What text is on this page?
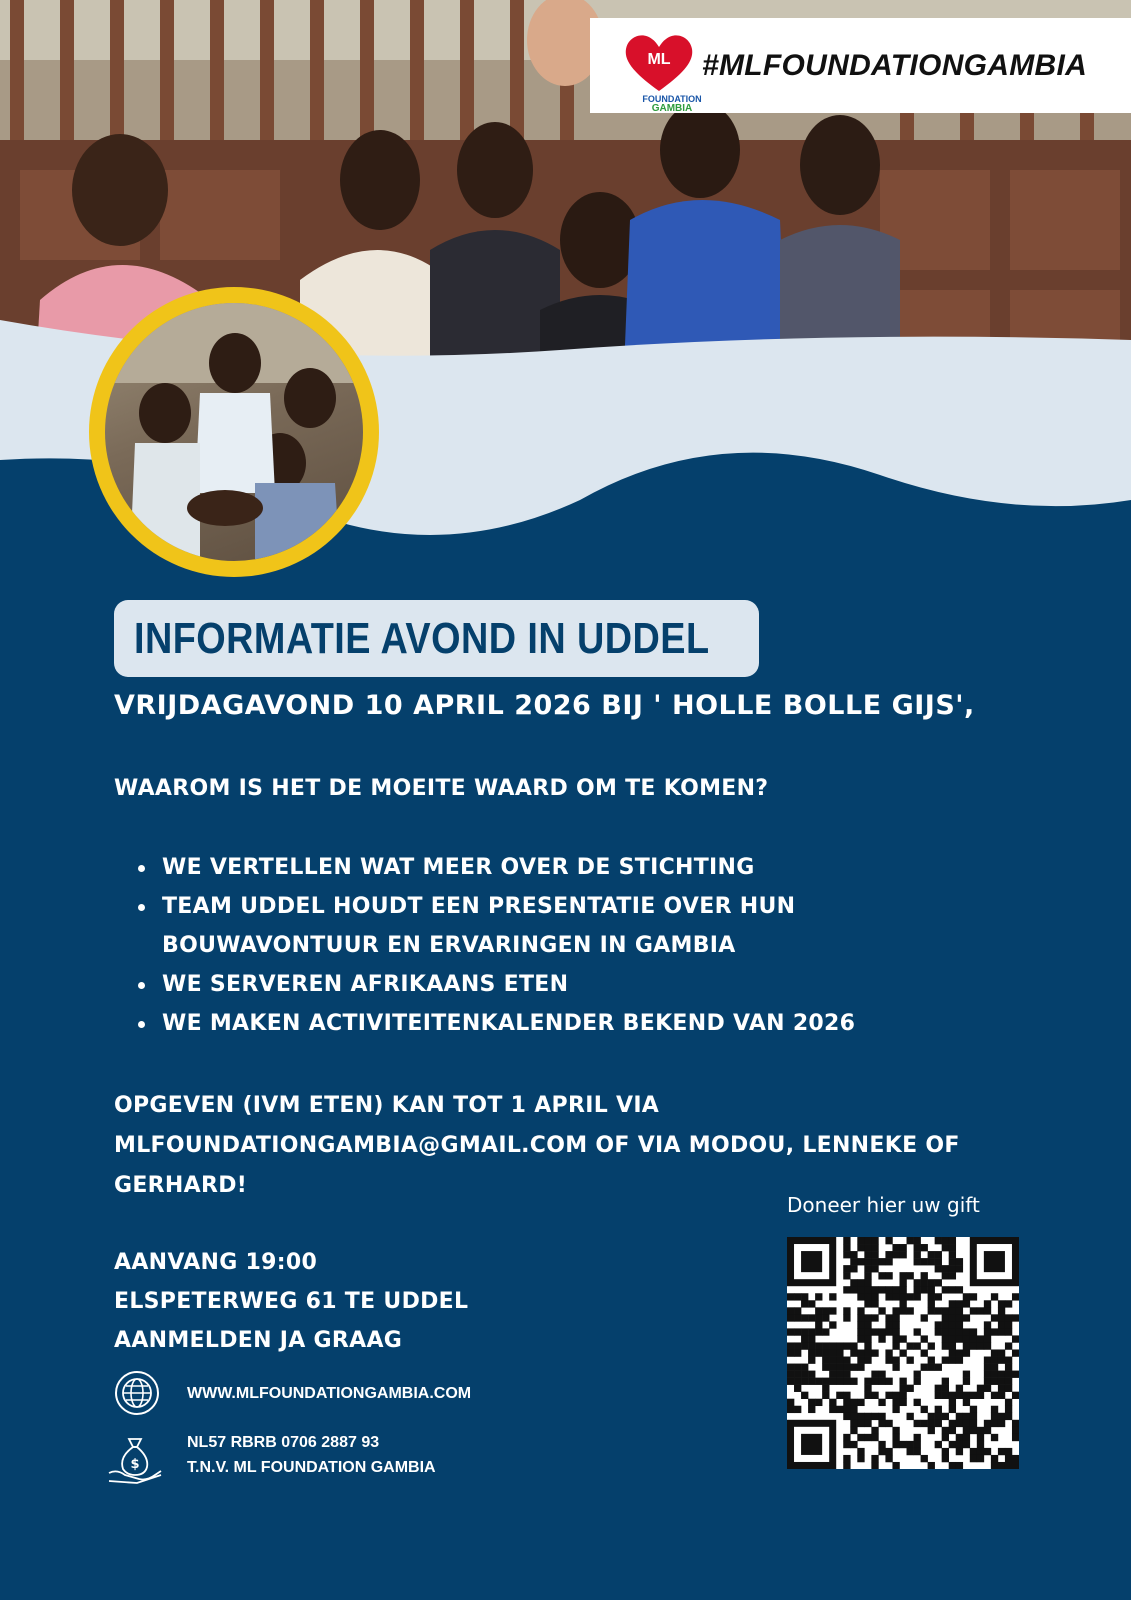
ML
FOUNDATION
GAMBIA
#MLFOUNDATIONGAMBIA
INFORMATIE AVOND IN UDDEL
VRIJDAGAVOND 10 APRIL 2026 BIJ ' HOLLE BOLLE GIJS',
WAAROM IS HET DE MOEITE WAARD OM TE KOMEN?
WE VERTELLEN WAT MEER OVER DE STICHTING
TEAM UDDEL HOUDT EEN PRESENTATIE OVER HUN
BOUWAVONTUUR EN ERVARINGEN IN GAMBIA
WE SERVEREN AFRIKAANS ETEN
WE MAKEN ACTIVITEITENKALENDER BEKEND VAN 2026
OPGEVEN (IVM ETEN) KAN TOT 1 APRIL VIA
MLFOUNDATIONGAMBIA@GMAIL.COM OF VIA MODOU, LENNEKE OF
GERHARD!
AANVANG 19:00
ELSPETERWEG 61 TE UDDEL
AANMELDEN JA GRAAG
WWW.MLFOUNDATIONGAMBIA.COM
$
NL57 RBRB 0706 2887 93
T.N.V. ML FOUNDATION GAMBIA
Doneer hier uw gift
